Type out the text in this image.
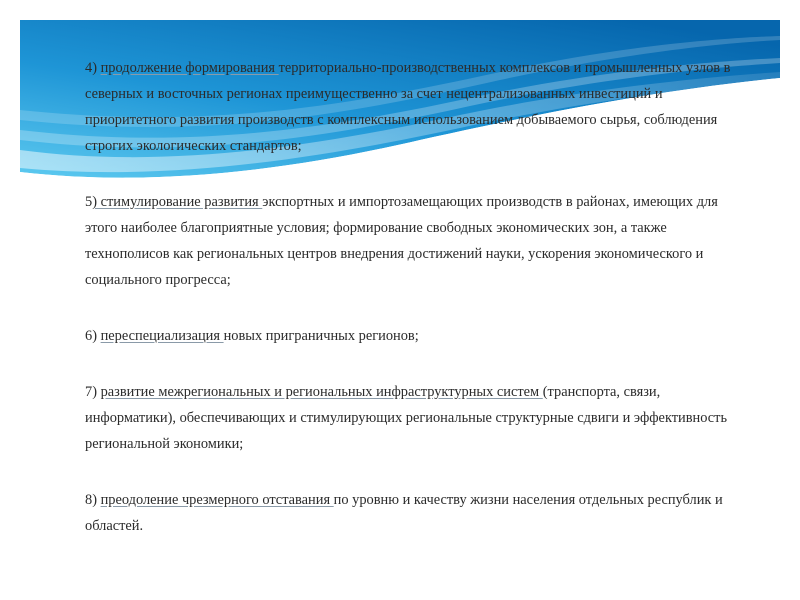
4) продолжение формирования территориально-производственных комплексов и промышленных узлов в северных и восточных регионах преимущественно за счет нецентрализованных инвестиций и приоритетного развития производств с комплексным использованием добываемого сырья, соблюдения строгих экологических стандартов;

5) стимулирование развития экспортных и импортозамещающих производств в районах, имеющих для этого наиболее благоприятные условия; формирование свободных экономических зон, а также технополисов как региональных центров внедрения достижений науки, ускорения экономического и социального прогресса;

6) переспециализация новых приграничных регионов;

7) развитие межрегиональных и региональных инфраструктурных систем (транспорта, связи, информатики), обеспечивающих и стимулирующих региональные структурные сдвиги и эффективность региональной экономики;

8) преодоление чрезмерного отставания по уровню и качеству жизни населения отдельных республик и областей.
